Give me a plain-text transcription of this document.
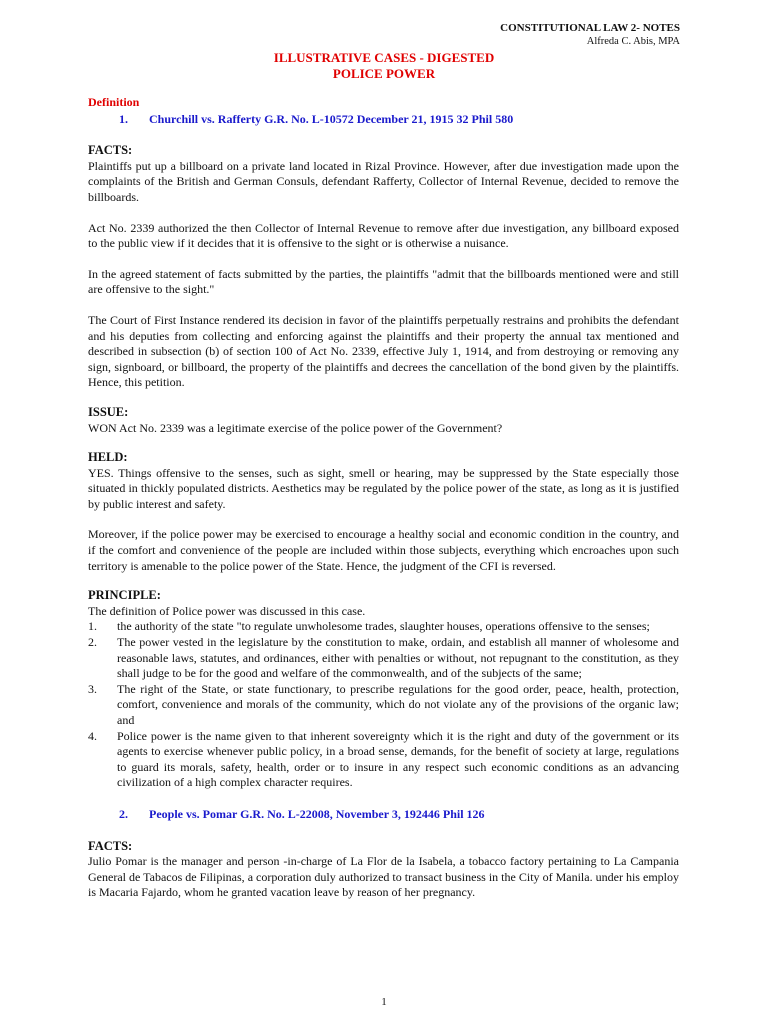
CONSTITUTIONAL LAW 2- NOTES
Alfreda C. Abis, MPA
ILLUSTRATIVE CASES - DIGESTED
POLICE POWER
Definition
1.	Churchill vs. Rafferty G.R. No. L-10572 December 21, 1915 32 Phil 580
FACTS:

Plaintiffs put up a billboard on a private land located in Rizal Province. However, after due investigation made upon the complaints of the British and German Consuls, defendant Rafferty, Collector of Internal Revenue, decided to remove the billboards.

Act No. 2339 authorized the then Collector of Internal Revenue to remove after due investigation, any billboard exposed to the public view if it decides that it is offensive to the sight or is otherwise a nuisance.

In the agreed statement of facts submitted by the parties, the plaintiffs "admit that the billboards mentioned were and still are offensive to the sight."

The Court of First Instance rendered its decision in favor of the plaintiffs perpetually restrains and prohibits the defendant and his deputies from collecting and enforcing against the plaintiffs and their property the annual tax mentioned and described in subsection (b) of section 100 of Act No. 2339, effective July 1, 1914, and from destroying or removing any sign, signboard, or billboard, the property of the plaintiffs and decrees the cancellation of the bond given by the plaintiffs. Hence, this petition.

ISSUE:

WON Act No. 2339 was a legitimate exercise of the police power of the Government?

HELD:

YES. Things offensive to the senses, such as sight, smell or hearing, may be suppressed by the State especially those situated in thickly populated districts. Aesthetics may be regulated by the police power of the state, as long as it is justified by public interest and safety.

Moreover, if the police power may be exercised to encourage a healthy social and economic condition in the country, and if the comfort and convenience of the people are included within those subjects, everything which encroaches upon such territory is amenable to the police power of the State. Hence, the judgment of the CFI is reversed.

PRINCIPLE:

The definition of Police power was discussed in this case.

1.	the authority of the state "to regulate unwholesome trades, slaughter houses, operations offensive to the senses;
2.	The power vested in the legislature by the constitution to make, ordain, and establish all manner of wholesome and reasonable laws, statutes, and ordinances, either with penalties or without, not repugnant to the constitution, as they shall judge to be for the good and welfare of the commonwealth, and of the subjects of the same;
3.	The right of the State, or state functionary, to prescribe regulations for the good order, peace, health, protection, comfort, convenience and morals of the community, which do not violate any of the provisions of the organic law; and
4.	Police power is the name given to that inherent sovereignty which it is the right and duty of the government or its agents to exercise whenever public policy, in a broad sense, demands, for the benefit of society at large, regulations to guard its morals, safety, health, order or to insure in any respect such economic conditions as an advancing civilization of a high complex character requires.
2.	People vs. Pomar G.R. No. L-22008, November 3, 192446 Phil 126
FACTS:

Julio Pomar is the manager and person -in-charge of La Flor de la Isabela, a tobacco factory pertaining to La Campania General de Tabacos de Filipinas, a corporation duly authorized to transact business in the City of Manila. under his employ is Macaria Fajardo, whom he granted vacation leave by reason of her pregnancy.

1
